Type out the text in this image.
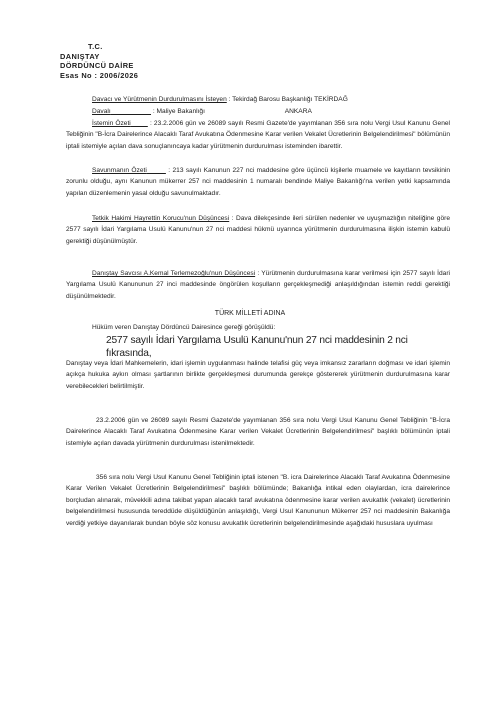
T.C.
DANIŞTAY
DÖRDÜNCÜ DAİRE
Esas No : 2006/2026
Davacı ve Yürütmenin Durdurulmasını İsteyen : Tekirdağ Barosu Başkanlığı TEKİRDAĞ
Davalı	: Maliye Bakanlığı	ANKARA
İstemin Özeti	: 23.2.2006 gün ve 26089 sayılı Resmi Gazete'de yayımlanan 356 sıra nolu Vergi Usul Kanunu Genel Tebliğinin "B-İcra Dairelerince Alacaklı Taraf Avukatına Ödenmesine Karar verilen Vekalet Ücretlerinin Belgelendirilmesi" bölümünün iptali istemiyle açılan dava sonuçlanıncaya kadar yürütmenin durdurulması isteminden ibarettir.
Savunmanın Özeti	: 213 sayılı Kanunun 227 nci maddesine göre üçüncü kişilerle muamele ve kayıtların tevsikinin zorunlu olduğu, aynı Kanunun mükerrer 257 nci maddesinin 1 numaralı bendinde Maliye Bakanlığı'na verilen yetki kapsamında yapılan düzenlemenin yasal olduğu savunulmaktadır.
Tetkik Hakimi Hayrettin Korucu'nun Düşüncesi : Dava dilekçesinde ileri sürülen nedenler ve uyuşmazlığın niteliğine göre 2577 sayılı İdari Yargılama Usulü Kanunu'nun 27 nci maddesi hükmü uyarınca yürütmenin durdurulmasına ilişkin istemin kabulü gerektiği düşünülmüştür.
Danıştay Savcısı A.Kemal Terlemezoğlu'nun Düşüncesi : Yürütmenin durdurulmasına karar verilmesi için 2577 sayılı İdari Yargılama Usulü Kanununun 27 inci maddesinde öngörülen koşulların gerçekleşmediği anlaşıldığından istemin reddi gerektiği düşünülmektedir.
TÜRK MİLLETİ ADINA
Hüküm veren Danıştay Dördüncü Dairesince gereği görüşüldü:
2577 sayılı İdari Yargılama Usulü Kanunu'nun 27 nci maddesinin 2 nci fıkrasında,
Danıştay veya İdari Mahkemelerin, idari işlemin uygulanması halinde telafisi güç veya imkansız zararların doğması ve idari işlemin açıkça hukuka aykırı olması şartlarının birlikte gerçekleşmesi durumunda gerekçe göstererek yürütmenin durdurulmasına karar verebilecekleri belirtilmiştir.
23.2.2006 gün ve 26089 sayılı Resmi Gazete'de yayımlanan 356 sıra nolu Vergi Usul Kanunu Genel Tebliğinin "B-İcra Dairelerince Alacaklı Taraf Avukatına Ödenmesine Karar verilen Vekalet Ücretlerinin Belgelendirilmesi" başlıklı bölümünün iptali istemiyle açılan davada yürütmenin durdurulması istenilmektedir.
356 sıra nolu Vergi Usul Kanunu Genel Tebliğinin iptali istenen "B. icra Dairelerince Alacaklı Taraf Avukatına Ödenmesine Karar Verilen Vekalet Ücretlerinin Belgelendirilmesi" başlıklı bölümünde; Bakanlığa intikal eden olaylardan, icra dairelerince borçludan alınarak, müvekkili adına takibat yapan alacaklı taraf avukatına ödenmesine karar verilen avukatlık (vekalet) ücretlerinin belgelendirilmesi hususunda tereddüde düşüldüğünün anlaşıldığı, Vergi Usul Kanununun Mükerrer 257 nci maddesinin Bakanlığa verdiği yetkiye dayanılarak bundan böyle söz konusu avukatlık ücretlerinin belgelendirilmesinde aşağıdaki hususlara uyulması
